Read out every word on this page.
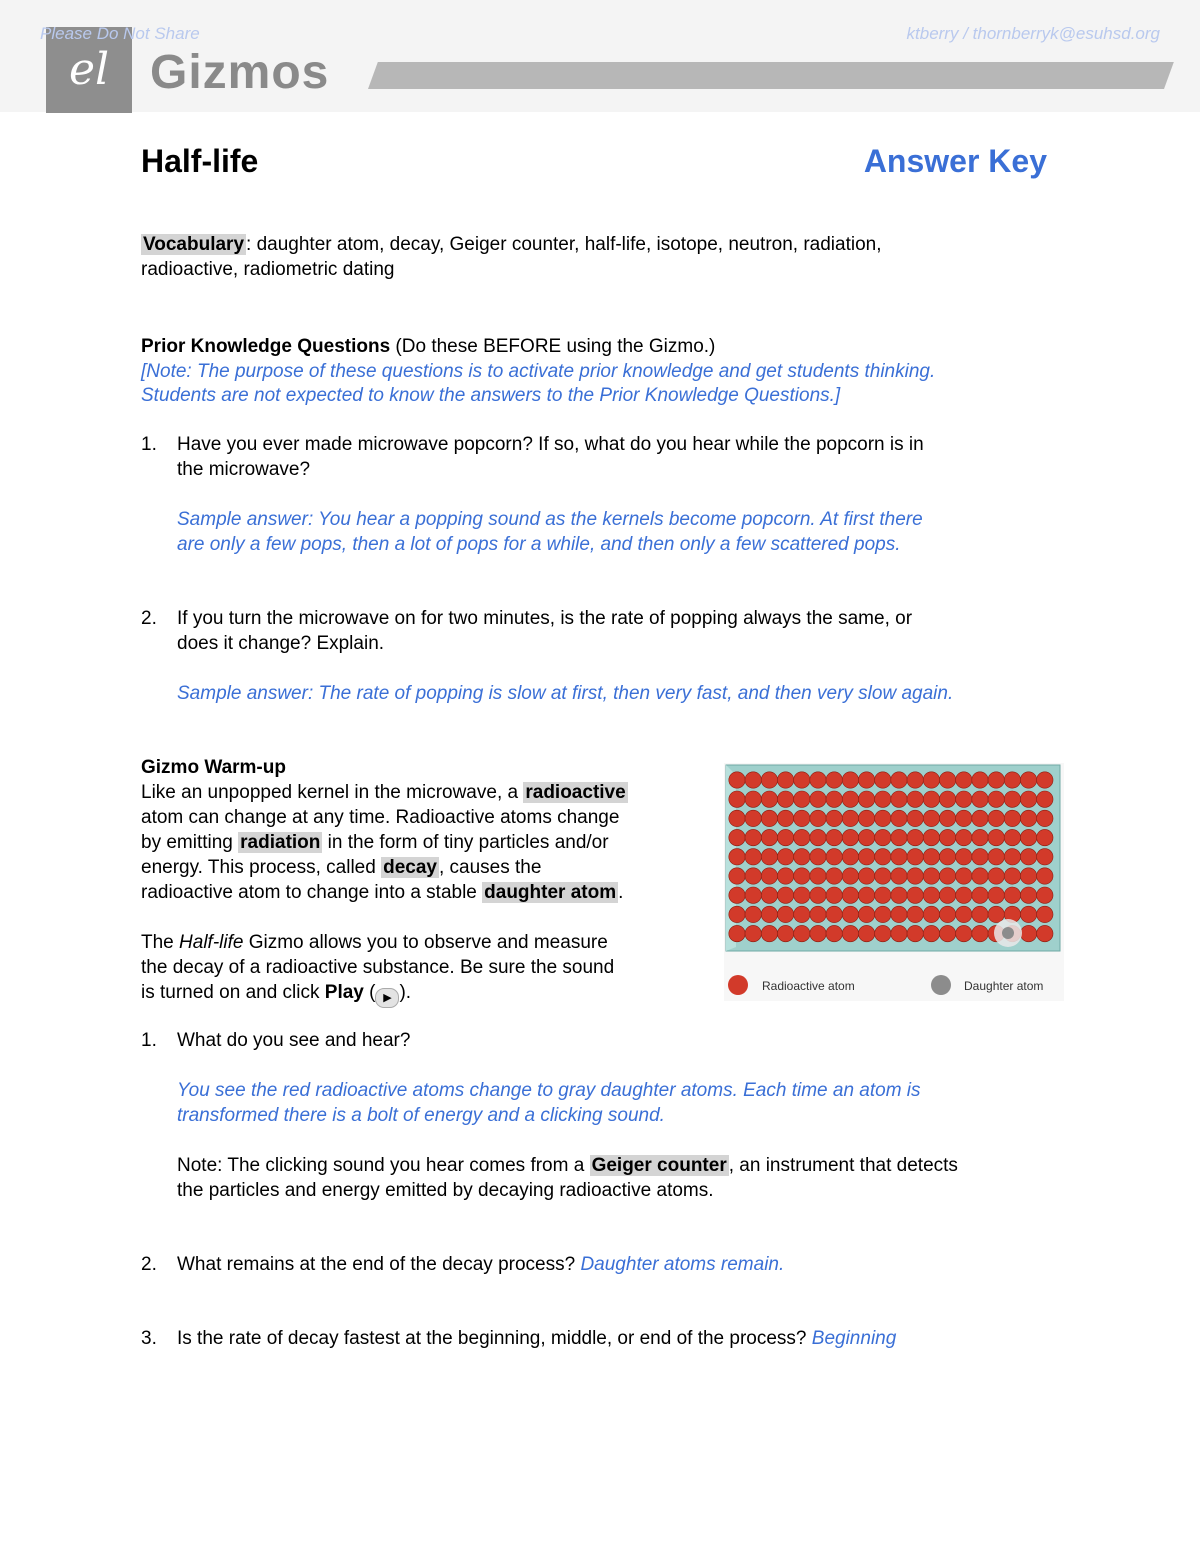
el Gizmos
Please Do Not Share	ktberry / thornberryk@esuhsd.org
Half-life	Answer Key
Vocabulary : daughter atom, decay, Geiger counter, half-life, isotope, neutron, radiation,
radioactive, radiometric dating
Prior Knowledge Questions (Do these BEFORE using the Gizmo.)
[Note: The purpose of these questions is to activate prior knowledge and get students thinking.
Students are not expected to know the answers to the Prior Knowledge Questions.]
1. Have you ever made microwave popcorn? If so, what do you hear while the popcorn is in
the microwave?
Sample answer: You hear a popping sound as the kernels become popcorn. At first there
are only a few pops, then a lot of pops for a while, and then only a few scattered pops.
2. If you turn the microwave on for two minutes, is the rate of popping always the same, or
does it change? Explain.
Sample answer: The rate of popping is slow at first, then very fast, and then very slow again.
Gizmo Warm-up
Like an unpopped kernel in the microwave, a radioactive
atom can change at any time. Radioactive atoms change
by emitting radiation in the form of tiny particles and/or
energy. This process, called decay , causes the
radioactive atom to change into a stable daughter atom .
The Half-life Gizmo allows you to observe and measure
the decay of a radioactive substance. Be sure the sound
is turned on and click Play ( ▶ ).	Radioactive atom	Daughter atom
1. What do you see and hear?
You see the red radioactive atoms change to gray daughter atoms. Each time an atom is
transformed there is a bolt of energy and a clicking sound.
Note: The clicking sound you hear comes from a Geiger counter , an instrument that detects
the particles and energy emitted by decaying radioactive atoms.
2. What remains at the end of the decay process? Daughter atoms remain.
3. Is the rate of decay fastest at the beginning, middle, or end of the process? Beginning
